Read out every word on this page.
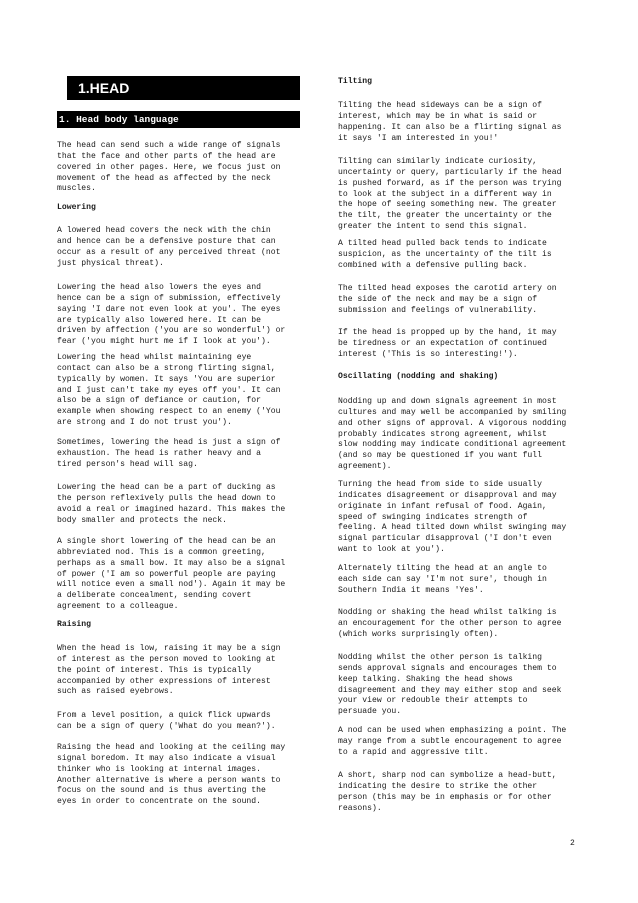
1.HEAD
1. Head body language
The head can send such a wide range of signals
that the face and other parts of the head are
covered in other pages. Here, we focus just on
movement of the head as affected by the neck
muscles.
Lowering
A lowered head covers the neck with the chin
and hence can be a defensive posture that can
occur as a result of any perceived threat (not
just physical threat).
Lowering the head also lowers the eyes and
hence can be a sign of submission, effectively
saying 'I dare not even look at you'. The eyes
are typically also lowered here. It can be
driven by affection ('you are so wonderful') or
fear ('you might hurt me if I look at you').
Lowering the head whilst maintaining eye
contact can also be a strong flirting signal,
typically by women. It says 'You are superior
and I just can't take my eyes off you'. It can
also be a sign of defiance or caution, for
example when showing respect to an enemy ('You
are strong and I do not trust you').
Sometimes, lowering the head is just a sign of
exhaustion. The head is rather heavy and a
tired person's head will sag.
Lowering the head can be a part of ducking as
the person reflexively pulls the head down to
avoid a real or imagined hazard. This makes the
body smaller and protects the neck.
A single short lowering of the head can be an
abbreviated nod. This is a common greeting,
perhaps as a small bow. It may also be a signal
of power ('I am so powerful people are paying
will notice even a small nod'). Again it may be
a deliberate concealment, sending covert
agreement to a colleague.
Raising
When the head is low, raising it may be a sign
of interest as the person moved to looking at
the point of interest. This is typically
accompanied by other expressions of interest
such as raised eyebrows.
From a level position, a quick flick upwards
can be a sign of query ('What do you mean?').
Raising the head and looking at the ceiling may
signal boredom. It may also indicate a visual
thinker who is looking at internal images.
Another alternative is where a person wants to
focus on the sound and is thus averting the
eyes in order to concentrate on the sound.
Tilting
Tilting the head sideways can be a sign of
interest, which may be in what is said or
happening. It can also be a flirting signal as
it says 'I am interested in you!'
Tilting can similarly indicate curiosity,
uncertainty or query, particularly if the head
is pushed forward, as if the person was trying
to look at the subject in a different way in
the hope of seeing something new. The greater
the tilt, the greater the uncertainty or the
greater the intent to send this signal.
A tilted head pulled back tends to indicate
suspicion, as the uncertainty of the tilt is
combined with a defensive pulling back.
The tilted head exposes the carotid artery on
the side of the neck and may be a sign of
submission and feelings of vulnerability.
If the head is propped up by the hand, it may
be tiredness or an expectation of continued
interest ('This is so interesting!').
Oscillating (nodding and shaking)
Nodding up and down signals agreement in most
cultures and may well be accompanied by smiling
and other signs of approval. A vigorous nodding
probably indicates strong agreement, whilst
slow nodding may indicate conditional agreement
(and so may be questioned if you want full
agreement).
Turning the head from side to side usually
indicates disagreement or disapproval and may
originate in infant refusal of food. Again,
speed of swinging indicates strength of
feeling. A head tilted down whilst swinging may
signal particular disapproval ('I don't even
want to look at you').
Alternately tilting the head at an angle to
each side can say 'I'm not sure', though in
Southern India it means 'Yes'.
Nodding or shaking the head whilst talking is
an encouragement for the other person to agree
(which works surprisingly often).
Nodding whilst the other person is talking
sends approval signals and encourages them to
keep talking. Shaking the head shows
disagreement and they may either stop and seek
your view or redouble their attempts to
persuade you.
A nod can be used when emphasizing a point. The
may range from a subtle encouragement to agree
to a rapid and aggressive tilt.
A short, sharp nod can symbolize a head-butt,
indicating the desire to strike the other
person (this may be in emphasis or for other
reasons).
2
